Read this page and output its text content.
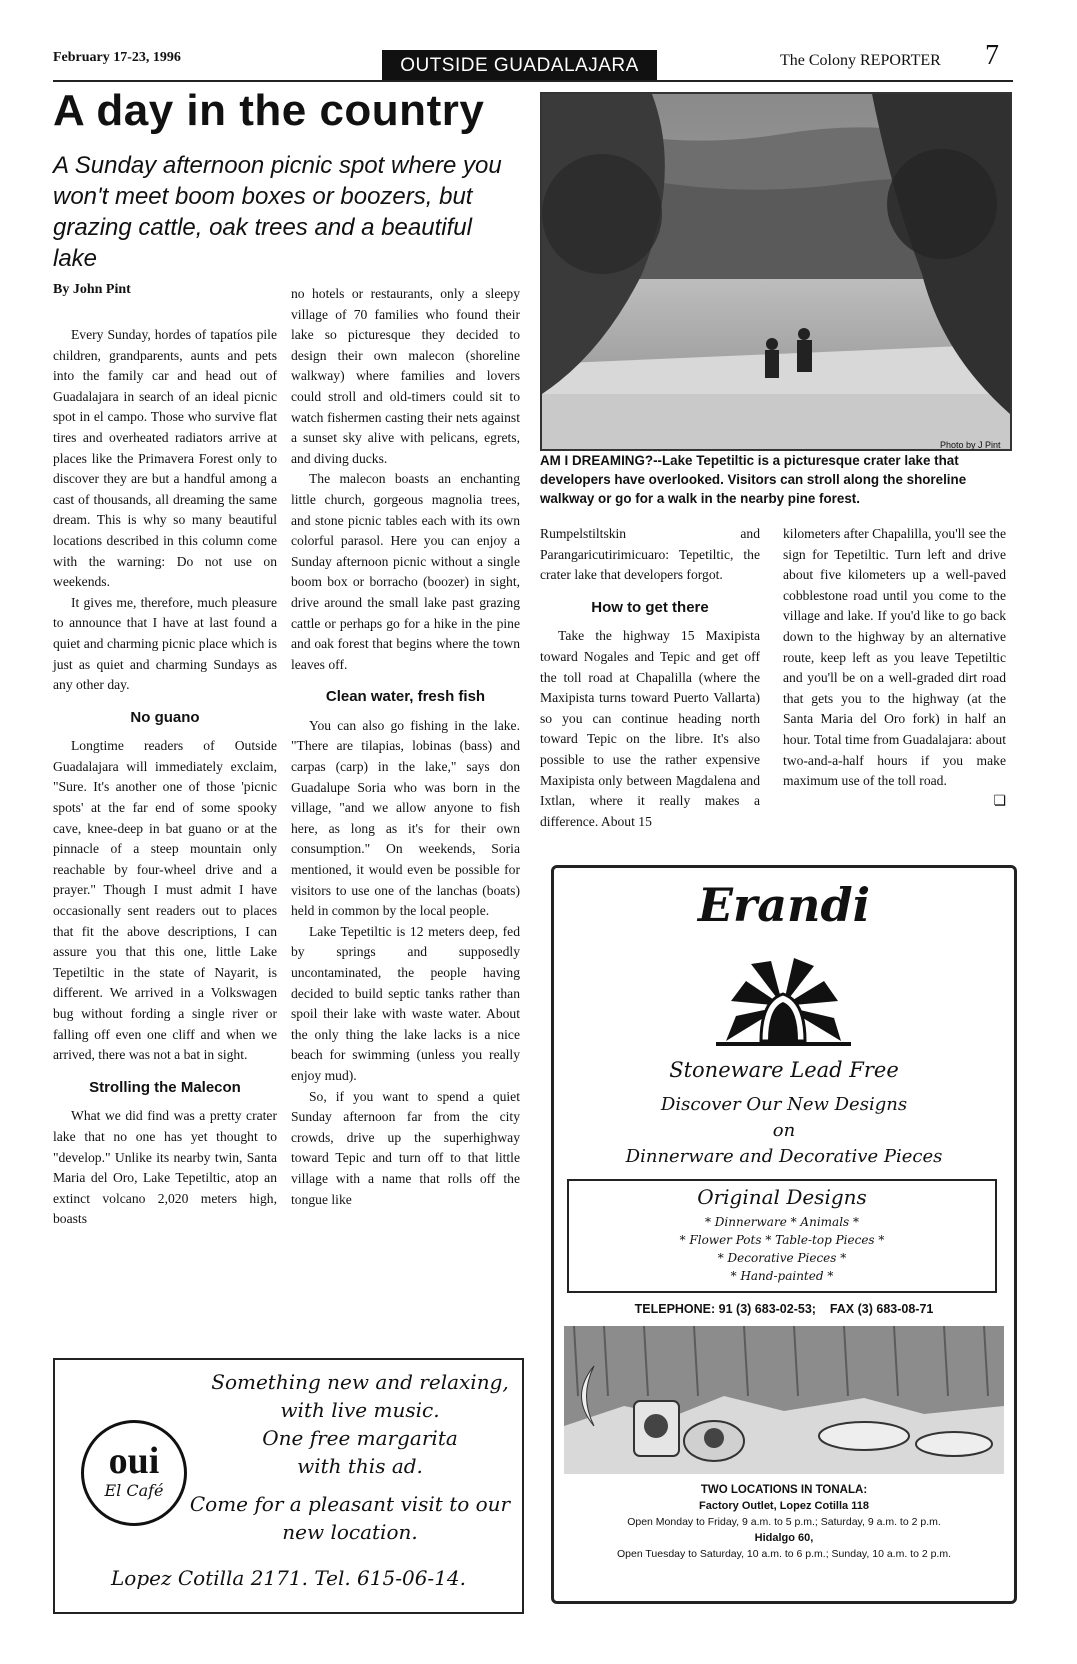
February 17-23, 1996	OUTSIDE GUADALAJARA	The Colony REPORTER 7
A day in the country
A Sunday afternoon picnic spot where you won't meet boom boxes or boozers, but grazing cattle, oak trees and a beautiful lake
By John Pint
Photo by J Pint
AM I DREAMING?--Lake Tepetiltic is a picturesque crater lake that developers have overlooked. Visitors can stroll along the shoreline walkway or go for a walk in the nearby pine forest.

Every Sunday, hordes of tapatíos pile children, grandparents, aunts and pets into the family car and head out of Guadalajara in search of an ideal picnic spot in el campo. Those who survive flat tires and overheated radiators arrive at places like the Primavera Forest only to discover they are but a handful among a cast of thousands, all dreaming the same dream. This is why so many beautiful locations described in this column come with the warning: Do not use on weekends.

It gives me, therefore, much pleasure to announce that I have at last found a quiet and charming picnic place which is just as quiet and charming Sundays as any other day.

No guano

Longtime readers of Outside Guadalajara will immediately exclaim, "Sure. It's another one of those 'picnic spots' at the far end of some spooky cave, knee-deep in bat guano or at the pinnacle of a steep mountain only reachable by four-wheel drive and a prayer." Though I must admit I have occasionally sent readers out to places that fit the above descriptions, I can assure you that this one, little Lake Tepetiltic in the state of Nayarit, is different. We arrived in a Volkswagen bug without fording a single river or falling off even one cliff and when we arrived, there was not a bat in sight.

Strolling the Malecon

What we did find was a pretty crater lake that no one has yet thought to "develop." Unlike its nearby twin, Santa Maria del Oro, Lake Tepetiltic, atop an extinct volcano 2,020 meters high, boasts

no hotels or restaurants, only a sleepy village of 70 families who found their lake so picturesque they decided to design their own malecon (shoreline walkway) where families and lovers could stroll and old-timers could sit to watch fishermen casting their nets against a sunset sky alive with pelicans, egrets, and diving ducks.

The malecon boasts an enchanting little church, gorgeous magnolia trees, and stone picnic tables each with its own colorful parasol. Here you can enjoy a Sunday afternoon picnic without a single boom box or borracho (boozer) in sight, drive around the small lake past grazing cattle or perhaps go for a hike in the pine and oak forest that begins where the town leaves off.

Clean water, fresh fish

You can also go fishing in the lake. "There are tilapias, lobinas (bass) and carpas (carp) in the lake," says don Guadalupe Soria who was born in the village, "and we allow anyone to fish here, as long as it's for their own consumption." On weekends, Soria mentioned, it would even be possible for visitors to use one of the lanchas (boats) held in common by the local people.

Lake Tepetiltic is 12 meters deep, fed by springs and supposedly uncontaminated, the people having decided to build septic tanks rather than spoil their lake with waste water. About the only thing the lake lacks is a nice beach for swimming (unless you really enjoy mud).

So, if you want to spend a quiet Sunday afternoon far from the city crowds, drive up the superhighway toward Tepic and turn off to that little village with a name that rolls off the tongue like

Rumpelstiltskin and Parangaricutirimicuaro: Tepetiltic, the crater lake that developers forgot.

How to get there

Take the highway 15 Maxipista toward Nogales and Tepic and get off the toll road at Chapalilla (where the Maxipista turns toward Puerto Vallarta) so you can continue heading north toward Tepic on the libre. It's also possible to use the rather expensive Maxipista only between Magdalena and Ixtlan, where it really makes a difference. About 15

kilometers after Chapalilla, you'll see the sign for Tepetiltic. Turn left and drive about five kilometers up a well-paved cobblestone road until you come to the village and lake. If you'd like to go back down to the highway by an alternative route, keep left as you leave Tepetiltic and you'll be on a well-graded dirt road that gets you to the highway (at the Santa Maria del Oro fork) in half an hour. Total time from Guadalajara: about two-and-a-half hours if you make maximum use of the toll road.

❏
Erandi
Stoneware Lead Free
Discover Our New Designs
on
Dinnerware and Decorative Pieces
Original Designs
* Dinnerware * Animals *
* Flower Pots * Table-top Pieces *
* Decorative Pieces *
* Hand-painted *
TELEPHONE: 91 (3) 683-02-53;    FAX (3) 683-08-71
TWO LOCATIONS IN TONALA:
Factory Outlet, Lopez Cotilla 118
Open Monday to Friday, 9 a.m. to 5 p.m.; Saturday, 9 a.m. to 2 p.m.
Hidalgo 60,
Open Tuesday to Saturday, 10 a.m. to 6 p.m.; Sunday, 10 a.m. to 2 p.m.
oui
El Café
Something new and relaxing,
with live music.
One free margarita
with this ad.
Come for a pleasant visit to our
new location.
Lopez Cotilla 2171. Tel. 615-06-14.
